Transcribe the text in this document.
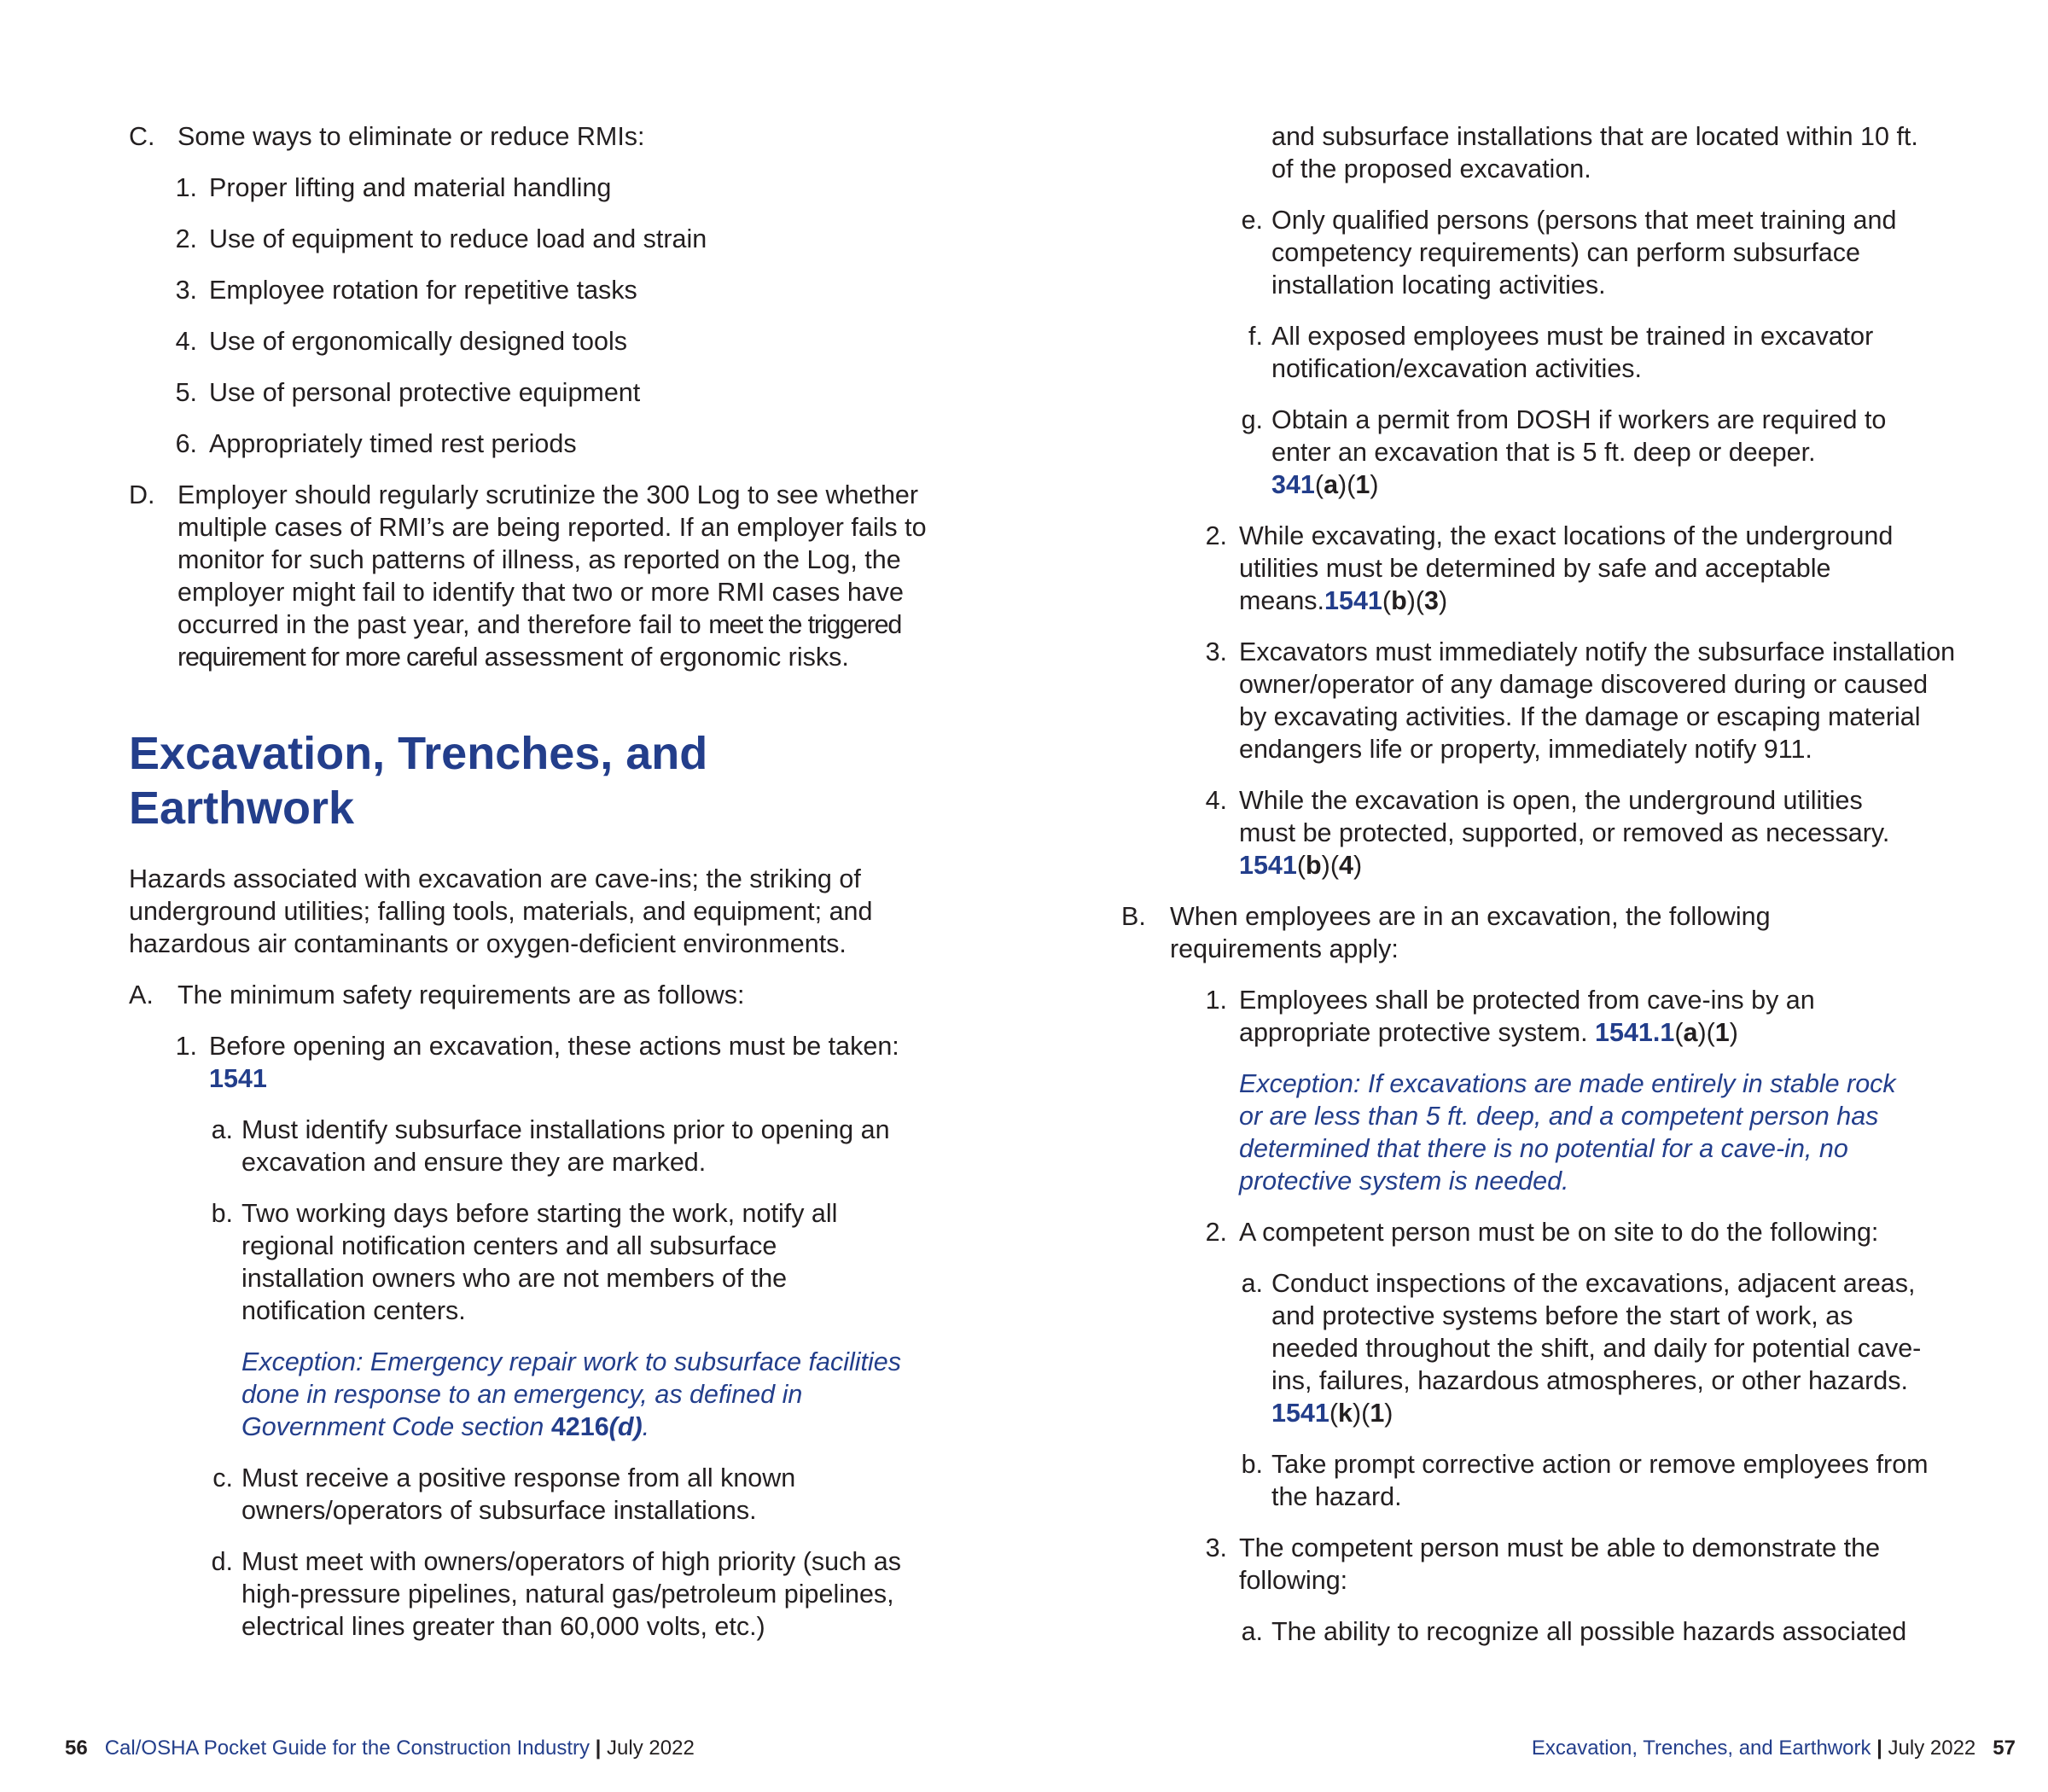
C. Some ways to eliminate or reduce RMIs:
1. Proper lifting and material handling
2. Use of equipment to reduce load and strain
3. Employee rotation for repetitive tasks
4. Use of ergonomically designed tools
5. Use of personal protective equipment
6. Appropriately timed rest periods
D. Employer should regularly scrutinize the 300 Log to see whether multiple cases of RMI’s are being reported. If an employer fails to monitor for such patterns of illness, as reported on the Log, the employer might fail to identify that two or more RMI cases have occurred in the past year, and therefore fail to meet the triggered requirement for more careful assessment of ergonomic risks.
Excavation, Trenches, and Earthwork
Hazards associated with excavation are cave-ins; the striking of underground utilities; falling tools, materials, and equipment; and hazardous air contaminants or oxygen-deficient environments.
A. The minimum safety requirements are as follows:
1. Before opening an excavation, these actions must be taken: 1541
a. Must identify subsurface installations prior to opening an excavation and ensure they are marked.
b. Two working days before starting the work, notify all regional notification centers and all subsurface installation owners who are not members of the notification centers.
Exception: Emergency repair work to subsurface facilities done in response to an emergency, as defined in Government Code section 4216(d).
c. Must receive a positive response from all known owners/operators of subsurface installations.
d. Must meet with owners/operators of high priority (such as high-pressure pipelines, natural gas/petroleum pipelines, electrical lines greater than 60,000 volts, etc.)
56 Cal/OSHA Pocket Guide for the Construction Industry | July 2022
and subsurface installations that are located within 10 ft. of the proposed excavation.
e. Only qualified persons (persons that meet training and competency requirements) can perform subsurface installation locating activities.
f. All exposed employees must be trained in excavator notification/excavation activities.
g. Obtain a permit from DOSH if workers are required to enter an excavation that is 5 ft. deep or deeper.
341(a)(1)
2. While excavating, the exact locations of the underground utilities must be determined by safe and acceptable means.1541(b)(3)
3. Excavators must immediately notify the subsurface installation owner/operator of any damage discovered during or caused by excavating activities. If the damage or escaping material endangers life or property, immediately notify 911.
4. While the excavation is open, the underground utilities must be protected, supported, or removed as necessary.
1541(b)(4)
B. When employees are in an excavation, the following requirements apply:
1. Employees shall be protected from cave-ins by an appropriate protective system. 1541.1(a)(1)
Exception: If excavations are made entirely in stable rock or are less than 5 ft. deep, and a competent person has determined that there is no potential for a cave-in, no protective system is needed.
2. A competent person must be on site to do the following:
a. Conduct inspections of the excavations, adjacent areas, and protective systems before the start of work, as needed throughout the shift, and daily for potential cave-ins, failures, hazardous atmospheres, or other hazards. 1541(k)(1)
b. Take prompt corrective action or remove employees from the hazard.
3. The competent person must be able to demonstrate the following:
a. The ability to recognize all possible hazards associated
Excavation, Trenches, and Earthwork | July 2022 57
